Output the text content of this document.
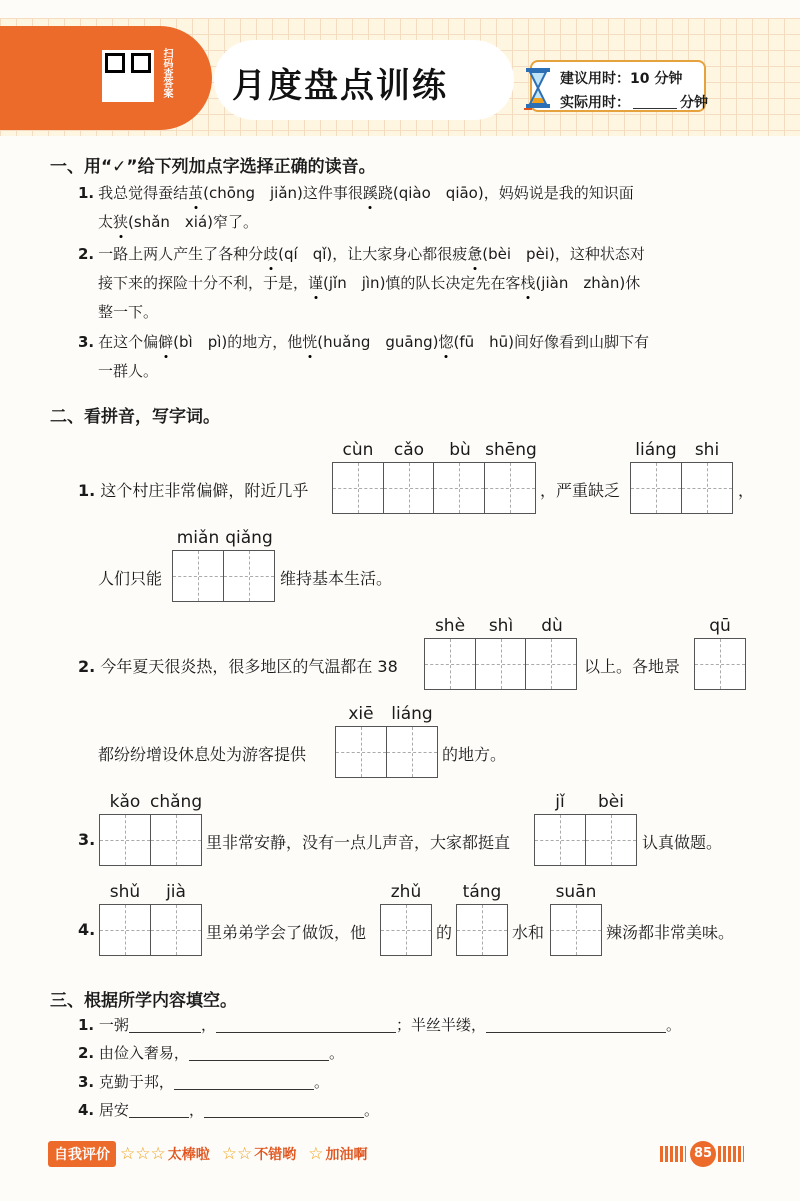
扫码查答案 月度盘点训练	建议用时：10 分钟
实际用时：	分钟
一、用“✓”给下列加点字选择正确的读音。
1. 我总觉得蚕结茧(chōng　jiǎn)这件事很蹊跷(qiào　qiāo)，妈妈说是我的知识面
太狭(shǎn　xiá)窄了。
2. 一路上两人产生了各种分歧(qí　qǐ)，让大家身心都很疲惫(bèi　pèi)，这种状态对
接下来的探险十分不利，于是，谨(jǐn　jìn)慎的队长决定先在客栈(jiàn　zhàn)休
整一下。
3. 在这个偏僻(bì　pì)的地方，他恍(huǎng　guāng)惚(fū　hū)间好像看到山脚下有
一群人。
二、看拼音，写字词。
1. 这个村庄非常偏僻，附近几乎
cùn	cǎo	bù shēng
，严重缺乏
liáng	shi
，
人们只能
miǎn qiǎng
维持基本生活。
2. 今年夏天很炎热，很多地区的气温都在 38
shè	shì	dù
以上。各地景
qū
都纷纷增设休息处为游客提供
xiē	liáng
的地方。
3.
kǎo chǎng
里非常安静，没有一点儿声音，大家都挺直
jǐ	bèi
认真做题。
4.
shǔ	jià
里弟弟学会了做饭，他
zhǔ
的
táng
水和
suān
辣汤都非常美味。
三、根据所学内容填空。
1. 一粥	，	；半丝半缕，	。
2. 由俭入奢易，	。
3. 克勤于邦，	。
4. 居安	，	。
自我评价 ☆☆☆ 太棒啦 ☆☆ 不错哟 ☆ 加油啊	85
